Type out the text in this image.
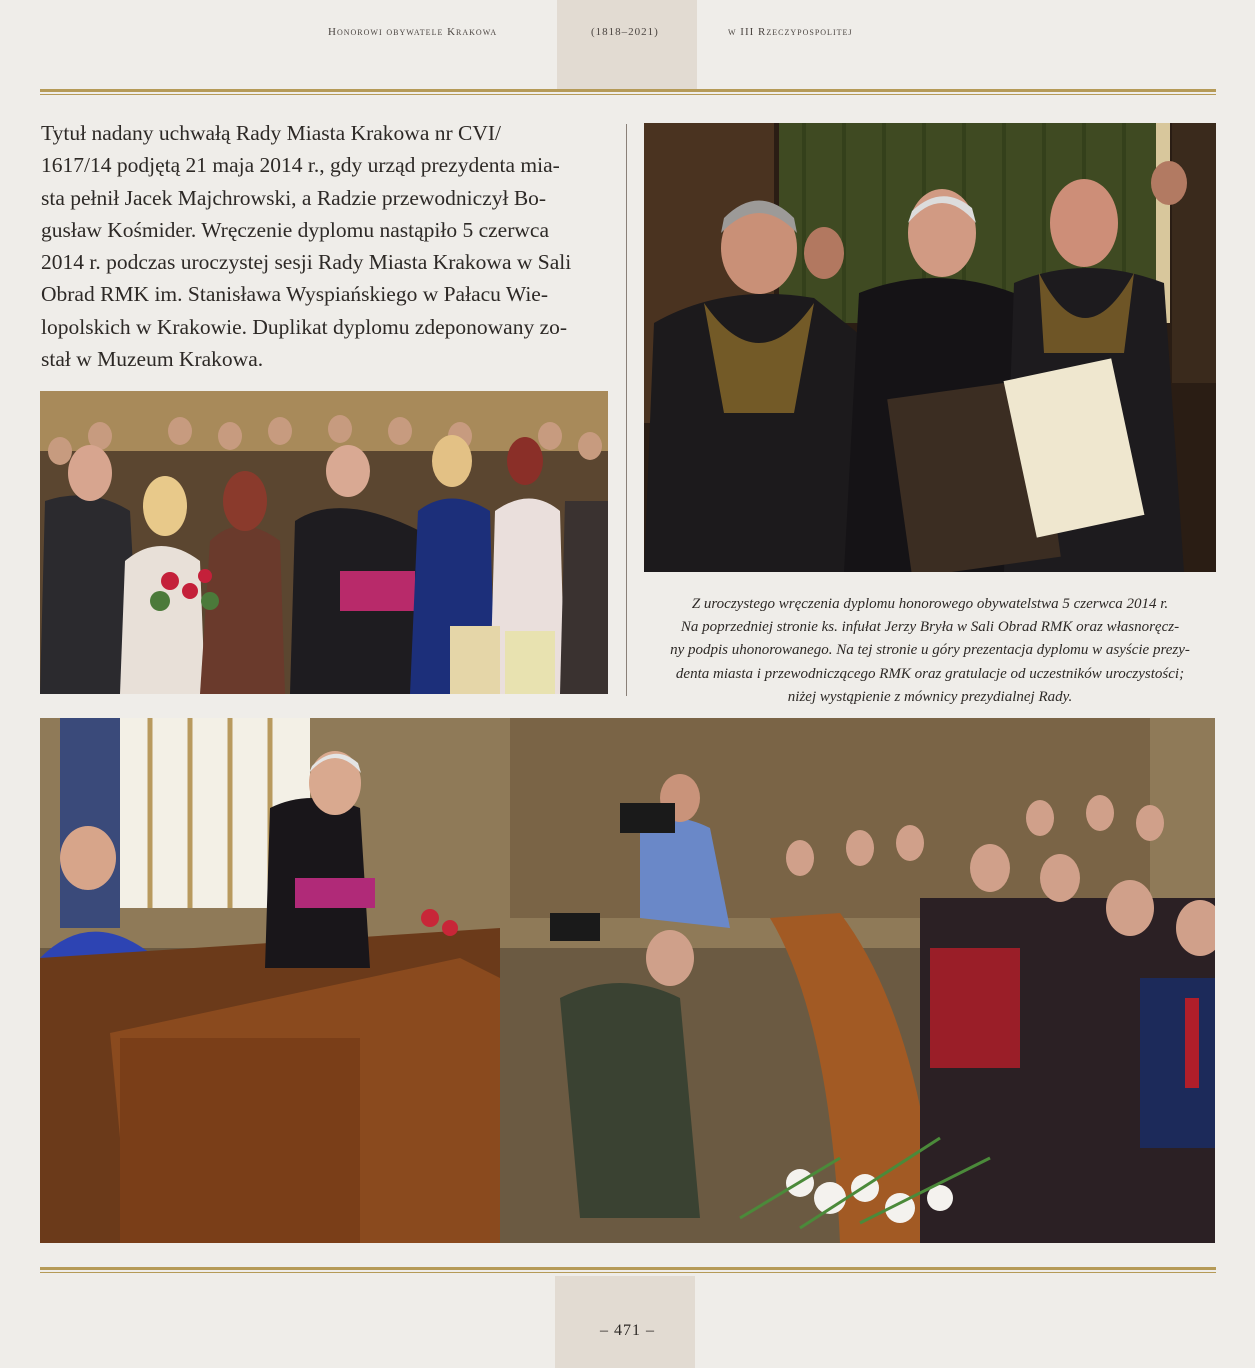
Honorowi obywatele Krakowa	(1818–2021)	w III Rzeczypospolitej
Tytuł nadany uchwałą Rady Miasta Krakowa nr CVI/
1617/14 podjętą 21 maja 2014 r., gdy urząd prezydenta mia-
sta pełnił Jacek Majchrowski, a Radzie przewodniczył Bo-
gusław Kośmider. Wręczenie dyplomu nastąpiło 5 czerwca
2014 r. podczas uroczystej sesji Rady Miasta Krakowa w Sali
Obrad RMK im. Stanisława Wyspiańskiego w Pałacu Wie-
lopolskich w Krakowie. Duplikat dyplomu zdeponowany zo-
stał w Muzeum Krakowa.
Z uroczystego wręczenia dyplomu honorowego obywatelstwa 5 czerwca 2014 r.
Na poprzedniej stronie ks. infułat Jerzy Bryła w Sali Obrad RMK oraz własnoręcz-
ny podpis uhonorowanego. Na tej stronie u góry prezentacja dyplomu w asyście prezy-
denta miasta i przewodniczącego RMK oraz gratulacje od uczestników uroczystości;
niżej wystąpienie z mównicy prezydialnej Rady.
– 471 –
